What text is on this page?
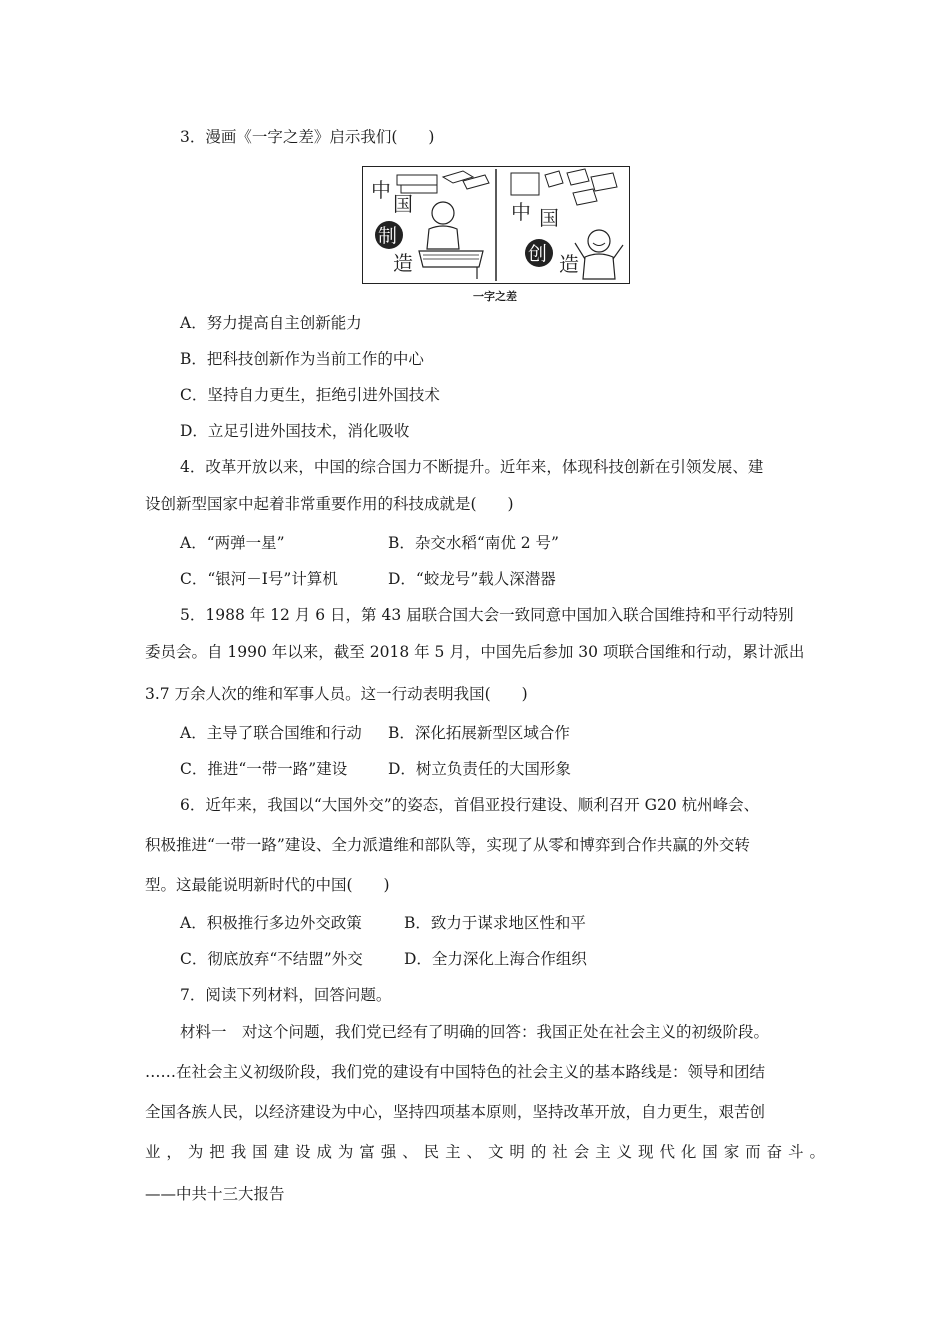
3．漫画《一字之差》启示我们(　　)
中
国
制
造
中 国
创 造
一字之差
A．努力提高自主创新能力
B．把科技创新作为当前工作的中心
C．坚持自力更生，拒绝引进外国技术
D．立足引进外国技术，消化吸收
4．改革开放以来，中国的综合国力不断提升。近年来，体现科技创新在引领发展、建
设创新型国家中起着非常重要作用的科技成就是(　　)
A．“两弹一星”	B．杂交水稻“南优 2 号”
C．“银河－Ⅰ号”计算机	D．“蛟龙号”载人深潜器
5．1988 年 12 月 6 日，第 43 届联合国大会一致同意中国加入联合国维持和平行动特别
委员会。自 1990 年以来，截至 2018 年 5 月，中国先后参加 30 项联合国维和行动，累计派出
3.7 万余人次的维和军事人员。这一行动表明我国(　　)
A．主导了联合国维和行动 B．深化拓展新型区域合作
C．推进“一带一路”建设	D．树立负责任的大国形象
6．近年来，我国以“大国外交”的姿态，首倡亚投行建设、顺利召开 G20 杭州峰会、
积极推进“一带一路”建设、全力派遣维和部队等，实现了从零和博弈到合作共赢的外交转
型。这最能说明新时代的中国(　　)
A．积极推行多边外交政策	B．致力于谋求地区性和平
C．彻底放弃“不结盟”外交	D．全力深化上海合作组织
7．阅读下列材料，回答问题。
材料一　对这个问题，我们党已经有了明确的回答：我国正处在社会主义的初级阶段。
……在社会主义初级阶段，我们党的建设有中国特色的社会主义的基本路线是：领导和团结
全国各族人民，以经济建设为中心，坚持四项基本原则，坚持改革开放，自力更生，艰苦创
业，为把我国建设成为富强、民主、文明的社会主义现代化国家而奋斗。
——中共十三大报告
